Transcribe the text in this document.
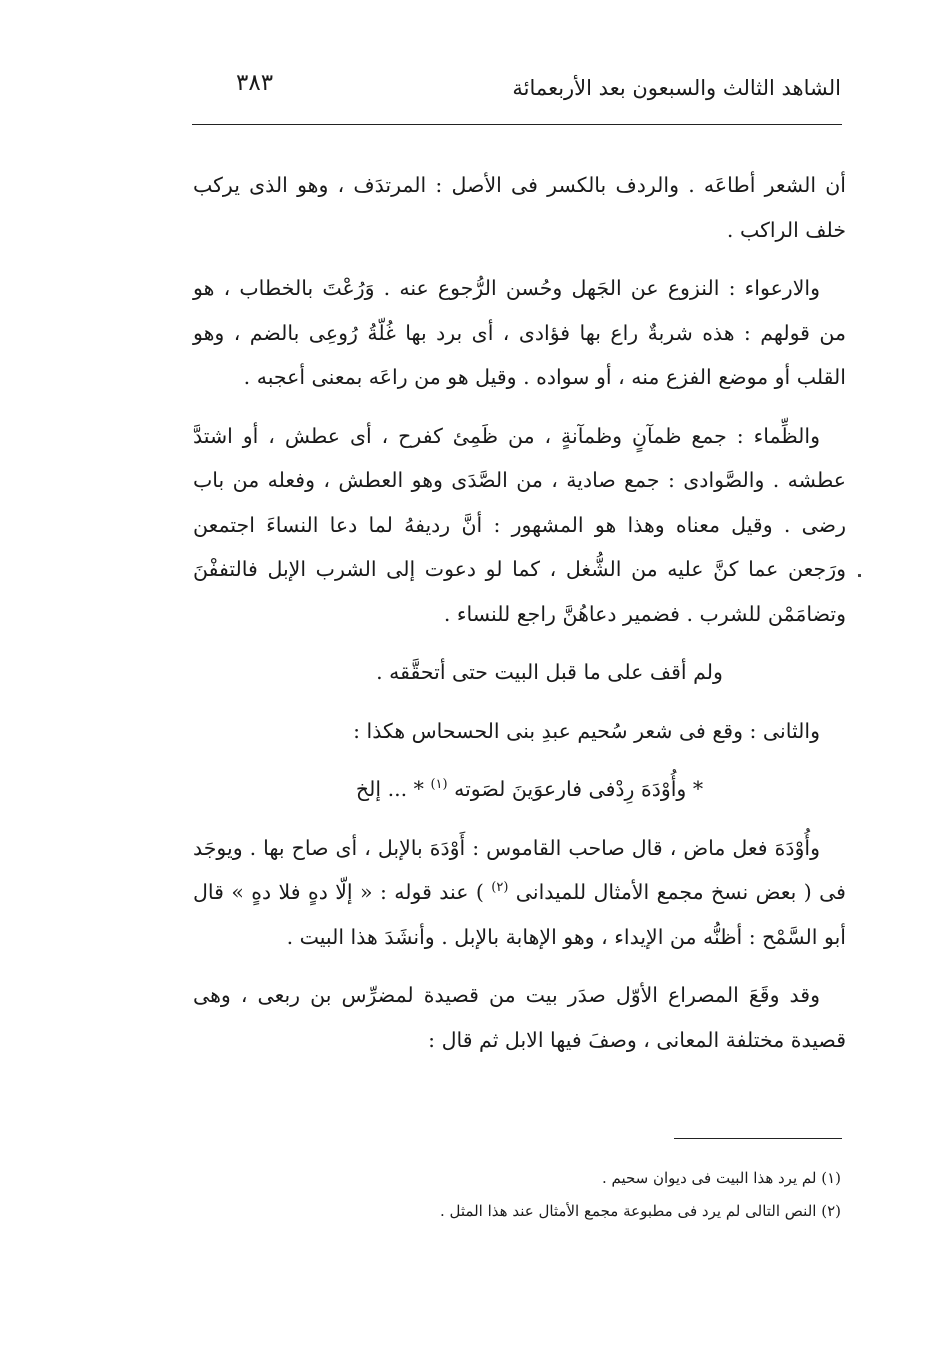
الشاهد الثالث والسبعون بعد الأربعمائة
٣٨٣

أن الشعر أطاعَه . والردف بالكسر فى الأصل : المرتدَف ، وهو الذى يركب خلف الراكب .

والارعواء : النزوع عن الجَهل وحُسن الرُّجوع عنه . وَرُعْتَ بالخطاب ، هو من قولهم : هذه شربةٌ راع بها فؤادى ، أى برد بها غُلّةُ رُوعِى بالضم ، وهو القلب أو موضع الفزع منه ، أو سواده . وقيل هو من راعَه بمعنى أعجبه .

والظِّماء : جمع ظمآنٍ وظمآنةٍ ، من ظَمِئ كفرح ، أى عطش ، أو اشتدَّ عطشه . والصَّوادى : جمع صادية ، من الصَّدَى وهو العطش ، وفعله من باب رضى . وقيل معناه وهذا هو المشهور : أنَّ رديفهُ لما دعا النساءَ اجتمعن ورَجعن عما كنَّ عليه من الشُّغل ، كما لو دعوت إلى الشرب الإبل فالتففْنَ وتضامَمْن للشرب . فضمير دعاهُنَّ راجع للنساء .

ولم أقف على ما قبل البيت حتى أتحقَّقه .

والثانى : وقع فى شعر سُحيم عبدِ بنى الحسحاس هكذا :

* وأُوْدَهَ رِدْفى فارعوَينَ لصَوته $^{(١)}$ * ... إلخ

وأُوْدَهَ فعل ماض ، قال صاحب القاموس : أَوْدَهَ بالإبل ، أى صاح بها . ويوجَد فى ( بعض نسخ مجمع الأمثال للميدانى $^{(٢)}$ ) عند قوله : « إلّا دهٍ فلا دهٍ » قال أبو السَّمْح : أظنُّه من الإيداء ، وهو الإهابة بالإبل . وأنشَدَ هذا البيت .

وقد وقَعَ المصراع الأوّل صدَر بيت من قصيدة لمضرِّس بن ربعى ، وهى قصيدة مختلفة المعانى ، وصفَ فيها الابل ثم قال :

(١) لم يرد هذا البيت فى ديوان سحيم .

(٢) النص التالى لم يرد فى مطبوعة مجمع الأمثال عند هذا المثل .
